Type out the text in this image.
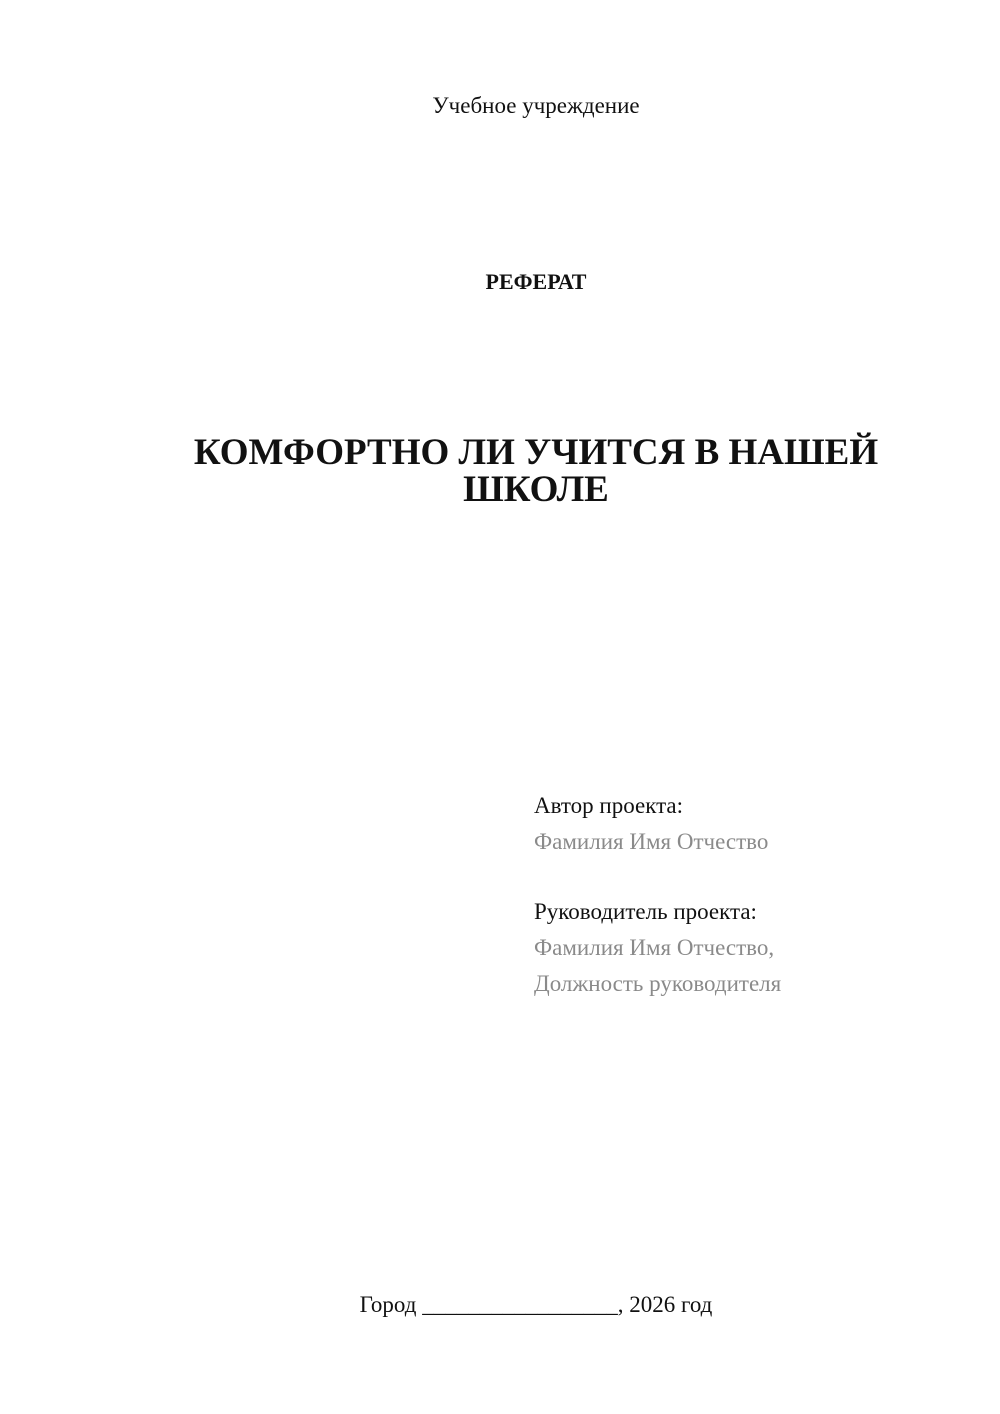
Учебное учреждение
РЕФЕРАТ
КОМФОРТНО ЛИ УЧИТСЯ В НАШЕЙ ШКОЛЕ
Автор проекта:
Фамилия Имя Отчество
Руководитель проекта:
Фамилия Имя Отчество,
Должность руководителя
Город _________________, 2026 год
